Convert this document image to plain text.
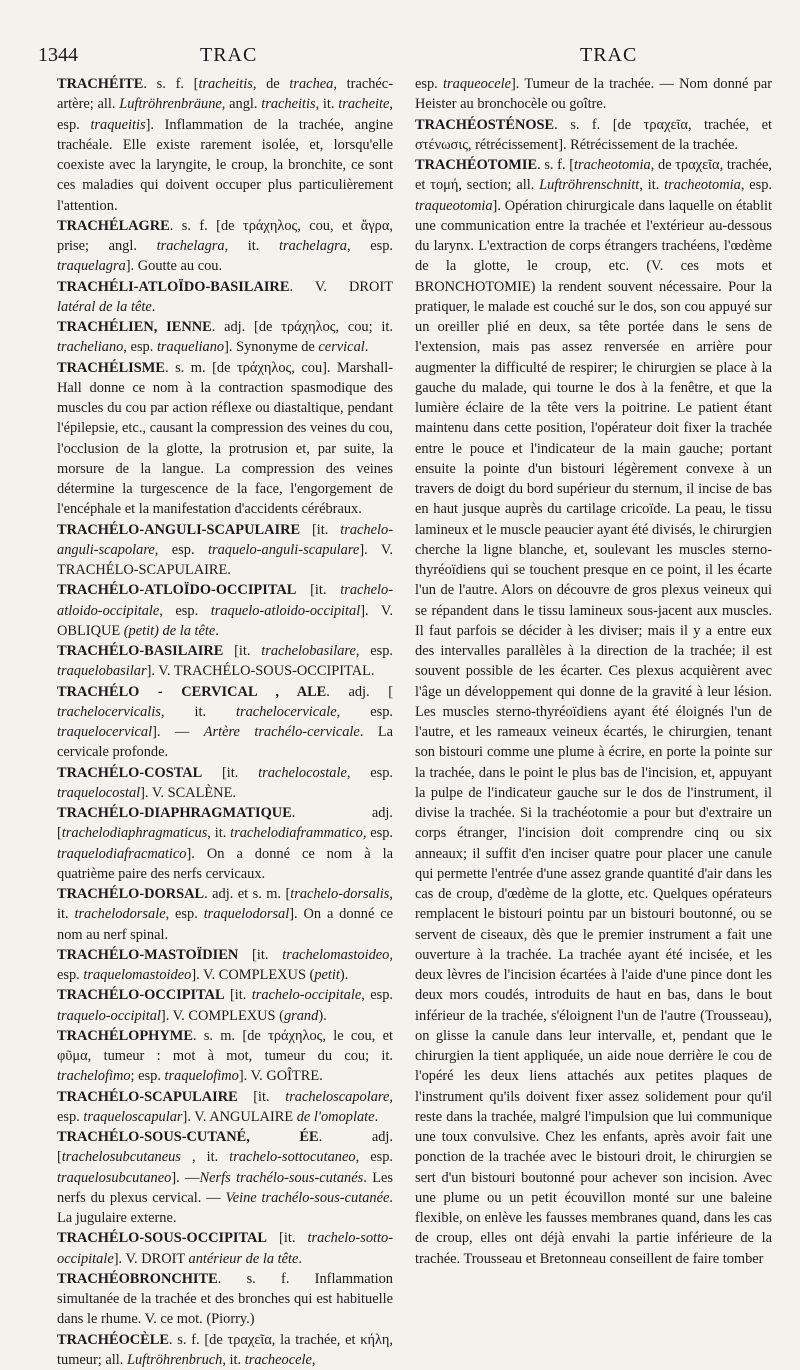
1344	TRAC	TRAC

TRACHÉITE. s. f. [tracheitis, de trachea, trachéc-artère; all. Luftröhrenbräune, angl. tracheitis, it. tracheite, esp. traqueitis]. Inflammation de la trachée, angine trachéale. Elle existe rarement isolée, et, lorsqu'elle coexiste avec la laryngite, le croup, la bronchite, ce sont ces maladies qui doivent occuper plus particulièrement l'attention.

TRACHÉLAGRE. s. f. [de τράχηλος, cou, et ἄγρα, prise; angl. trachelagra, it. trachelagra, esp. traquelagra]. Goutte au cou.

TRACHÉLI-ATLOÏDO-BASILAIRE. V. DROIT latéral de la tête.

TRACHÉLIEN, IENNE. adj. [de τράχηλος, cou; it. tracheliano, esp. traqueliano]. Synonyme de cervical.

TRACHÉLISME. s. m. [de τράχηλος, cou]. Marshall-Hall donne ce nom à la contraction spasmodique des muscles du cou par action réflexe ou diastaltique, pendant l'épilepsie, etc., causant la compression des veines du cou, l'occlusion de la glotte, la protrusion et, par suite, la morsure de la langue. La compression des veines détermine la turgescence de la face, l'engorgement de l'encéphale et la manifestation d'accidents cérébraux.

TRACHÉLO-ANGULI-SCAPULAIRE [it. trachelo-anguli-scapolare, esp. traquelo-anguli-scapulare]. V. TRACHÉLO-SCAPULAIRE.

TRACHÉLO-ATLOÏDO-OCCIPITAL [it. trachelo-atloido-occipitale, esp. traquelo-atloido-occipital]. V. OBLIQUE (petit) de la tête.

TRACHÉLO-BASILAIRE [it. trachelobasilare, esp. traquelobasilar]. V. TRACHÉLO-SOUS-OCCIPITAL.

TRACHÉLO - CERVICAL , ALE. adj. [ trachelocervicalis, it. trachelocervicale, esp. traquelocervical]. — Artère trachélo-cervicale. La cervicale profonde.

TRACHÉLO-COSTAL [it. trachelocostale, esp. traquelocostal]. V. SCALÈNE.

TRACHÉLO-DIAPHRAGMATIQUE. adj. [trachelodiaphragmaticus, it. trachelodiaframmatico, esp. traquelodiafracmatico]. On a donné ce nom à la quatrième paire des nerfs cervicaux.

TRACHÉLO-DORSAL. adj. et s. m. [trachelo-dorsalis, it. trachelodorsale, esp. traquelodorsal]. On a donné ce nom au nerf spinal.

TRACHÉLO-MASTOÏDIEN [it. trachelomastoideo, esp. traquelomastoideo]. V. COMPLEXUS (petit).

TRACHÉLO-OCCIPITAL [it. trachelo-occipitale, esp. traquelo-occipital]. V. COMPLEXUS (grand).

TRACHÉLOPHYME. s. m. [de τράχηλος, le cou, et φῦμα, tumeur : mot à mot, tumeur du cou; it. trachelofimo; esp. traquelofimo]. V. GOÎTRE.

TRACHÉLO-SCAPULAIRE [it. tracheloscapolare, esp. traqueloscapular]. V. ANGULAIRE de l'omoplate.

TRACHÉLO-SOUS-CUTANÉ, ÉE. adj. [trachelosubcutaneus , it. trachelo-sottocutaneo, esp. traquelosubcutaneo]. —Nerfs trachélo-sous-cutanés. Les nerfs du plexus cervical. — Veine trachélo-sous-cutanée. La jugulaire externe.

TRACHÉLO-SOUS-OCCIPITAL [it. trachelo-sotto-occipitale]. V. DROIT antérieur de la tête.

TRACHÉOBRONCHITE. s. f. Inflammation simultanée de la trachée et des bronches qui est habituelle dans le rhume. V. ce mot. (Piorry.)

TRACHÉOCÈLE. s. f. [de τραχεῖα, la trachée, et κήλη, tumeur; all. Luftröhrenbruch, it. tracheocele,

esp. traqueocele]. Tumeur de la trachée. — Nom donné par Heister au bronchocèle ou goître.

TRACHÉOSTÉNOSE. s. f. [de τραχεῖα, trachée, et στένωσις, rétrécissement]. Rétrécissement de la trachée.

TRACHÉOTOMIE. s. f. [tracheotomia, de τραχεῖα, trachée, et τομή, section; all. Luftröhrenschnitt, it. tracheotomia, esp. traqueotomia]. Opération chirurgicale dans laquelle on établit une communication entre la trachée et l'extérieur au-dessous du larynx. L'extraction de corps étrangers trachéens, l'œdème de la glotte, le croup, etc. (V. ces mots et BRONCHOTOMIE) la rendent souvent nécessaire. Pour la pratiquer, le malade est couché sur le dos, son cou appuyé sur un oreiller plié en deux, sa tête portée dans le sens de l'extension, mais pas assez renversée en arrière pour augmenter la difficulté de respirer; le chirurgien se place à la gauche du malade, qui tourne le dos à la fenêtre, et que la lumière éclaire de la tête vers la poitrine. Le patient étant maintenu dans cette position, l'opérateur doit fixer la trachée entre le pouce et l'indicateur de la main gauche; portant ensuite la pointe d'un bistouri légèrement convexe à un travers de doigt du bord supérieur du sternum, il incise de bas en haut jusque auprès du cartilage cricoïde. La peau, le tissu lamineux et le muscle peaucier ayant été divisés, le chirurgien cherche la ligne blanche, et, soulevant les muscles sterno-thyréoïdiens qui se touchent presque en ce point, il les écarte l'un de l'autre. Alors on découvre de gros plexus veineux qui se répandent dans le tissu lamineux sous-jacent aux muscles. Il faut parfois se décider à les diviser; mais il y a entre eux des intervalles parallèles à la direction de la trachée; il est souvent possible de les écarter. Ces plexus acquièrent avec l'âge un développement qui donne de la gravité à leur lésion. Les muscles sterno-thyréoïdiens ayant été éloignés l'un de l'autre, et les rameaux veineux écartés, le chirurgien, tenant son bistouri comme une plume à écrire, en porte la pointe sur la trachée, dans le point le plus bas de l'incision, et, appuyant la pulpe de l'indicateur gauche sur le dos de l'instrument, il divise la trachée. Si la trachéotomie a pour but d'extraire un corps étranger, l'incision doit comprendre cinq ou six anneaux; il suffit d'en inciser quatre pour placer une canule qui permette l'entrée d'une assez grande quantité d'air dans les cas de croup, d'œdème de la glotte, etc. Quelques opérateurs remplacent le bistouri pointu par un bistouri boutonné, ou se servent de ciseaux, dès que le premier instrument a fait une ouverture à la trachée. La trachée ayant été incisée, et les deux lèvres de l'incision écartées à l'aide d'une pince dont les deux mors coudés, introduits de haut en bas, dans le bout inférieur de la trachée, s'éloignent l'un de l'autre (Trousseau), on glisse la canule dans leur intervalle, et, pendant que le chirurgien la tient appliquée, un aide noue derrière le cou de l'opéré les deux liens attachés aux petites plaques de l'instrument qu'ils doivent fixer assez solidement pour qu'il reste dans la trachée, malgré l'impulsion que lui communique une toux convulsive. Chez les enfants, après avoir fait une ponction de la trachée avec le bistouri droit, le chirurgien se sert d'un bistouri boutonné pour achever son incision. Avec une plume ou un petit écouvillon monté sur une baleine flexible, on enlève les fausses membranes quand, dans les cas de croup, elles ont déjà envahi la partie inférieure de la trachée. Trousseau et Bretonneau conseillent de faire tomber
